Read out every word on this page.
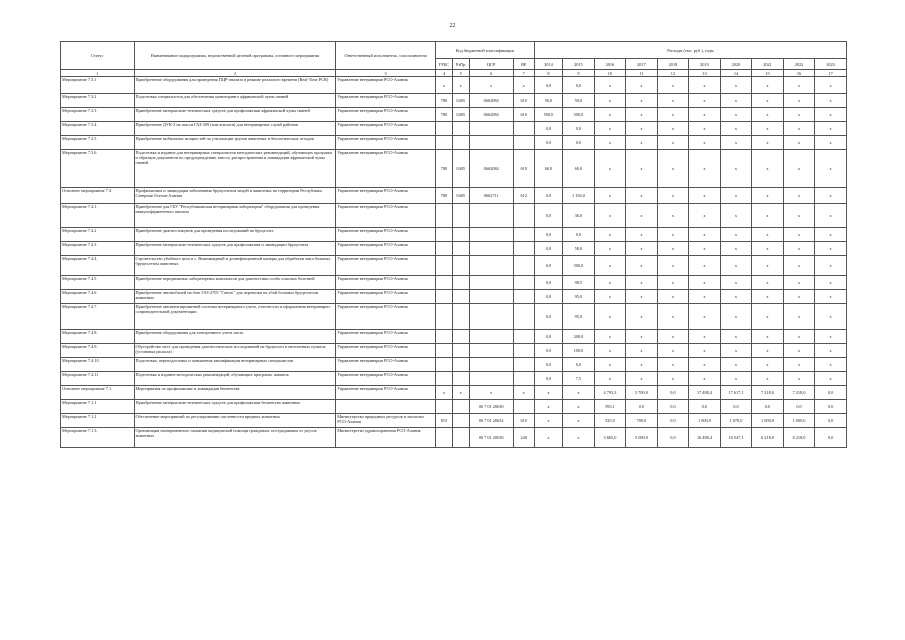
22
Статус	Наименование подпрограммы, ведомственной целевой программы, основного мероприятия	Ответственный исполнитель, соисполнители	Код бюджетной классификации				Расходы (тыс. руб.), годы									
			ГРБС	РзПр	ЦСР	ВР	2014	2015	2016	2017	2018	2019	2020	2021	2022	2023
1	2	3	4	5	6	7	8	9	10	11	12	13	14	15	16	17
Мероприятие 7.3.1	Приобретение оборудования для проведения ПЦР-анализа в режиме реального времени (Real-Time PCR)	Управление ветеринарии РСО-Алания	х	х	х	х	0,0	0,0	х	х	х	х	х	х	х	х
Мероприятие 7.3.2	Подготовка специалистов для обеспечения мониторинга африканской чумы свиней	Управление ветеринарии РСО-Алания	780	0405	0662084	610	50,0	50,0	х	х	х	х	х	х	х	х
Мероприятие 7.3.3	Приобретение материально-технических средств для профилактики африканской чумы свиней	Управление ветеринарии РСО-Алания	780	0405	0662084	610	500,0	500,0	х	х	х	х	х	х	х	х
Мероприятие 7.3.4.	Приобретение ДУК-2 на шасси ГАЗ-309 (или аналоги) для ветеринарных служб районов	Управление ветеринарии РСО-Алания					0,0	0,0	х	х	х	х	х	х	х	х
Мероприятие 7.3.5	Приобретение мобильных мощностей по утилизации трупов животных и биологических отходов	Управление ветеринарии РСО-Алания					0,0	0,0	х	х	х	х	х	х	х	х
Мероприятие 7.3.6	Подготовка и издание для ветеринарных специалистов методических рекомендаций, обучающих программ и образцов документов по предупреждению заноса, распространения и ликвидации африканской чумы свиней	Управление ветеринарии РСО-Алания	780	0405	0662084	610	60,0	60,0	х	х	х	х	х	х	х	х
Основное мероприятие 7.4	Профилактика и ликвидация заболевания бруцеллезом людей и животных на территории Республики Северная Осетия-Алания	Управление ветеринарии РСО-Алания	780	0405	0662711	612	0,0	1 194,0	х	х	х	х	х	х	х	х
Мероприятие 7.4.1.	Приобретение для ГБУ "Республиканская ветеринарная лаборатория" оборудования для проведения иммуноферментного анализа	Управление ветеринарии РСО-Алания					0,0	36,0	х	х	х	х	х	х	х	х
Мероприятие 7.4.2	Приобретение диагностикумов для проведения исследований на бруцеллез	Управление ветеринарии РСО-Алания					0,0	0,0	х	х	х	х	х	х	х	х
Мероприятие 7.4.3	Приобретение материально-технических средств для профилактики и ликвидации бруцеллеза	Управление ветеринарии РСО-Алания					0,0	58,0	х	х	х	х	х	х	х	х
Мероприятие 7.4.4.	Строительство убойного цеха в с. Вешнявидный и дезинфекционной камеры для обработки мяса больных бруцеллезом животных	Управление ветеринарии РСО-Алания					0,0	500,0	х	х	х	х	х	х	х	х
Мероприятие 7.4.5	Приобретение передвижных лабораторных комплексов для диагностики особо опасных болезней	Управление ветеринарии РСО-Алания					0,0	98,5	х	х	х	х	х	х	х	х
Мероприятие 7.4.6	Приобретение автомобилей на базе ГАЗ-2705 "Газель" для перевозки на убой больных бруцеллезом животных	Управление ветеринарии РСО-Алания					0,0	95,0	х	х	х	х	х	х	х	х
Мероприятие 7.4.7.	Приобретение автоматизированной системы ветеринарного учета, отчетности и оформления ветеринарно-сопроводительной документации	Управление ветеринарии РСО-Алания					0,0	95,0	х	х	х	х	х	х	х	х
Мероприятие 7.4.8.	Приобретение оборудования для электронного учета скота	Управление ветеринарии РСО-Алания					0,0	200,0	х	х	х	х	х	х	х	х
Мероприятие 7.4.9.	Обустройство мест для проведения диагностических исследований на бруцеллез в населенных пунктах (установка раскола)	Управление ветеринарии РСО-Алания					0,0	100,0	х	х	х	х	х	х	х	х
Мероприятие 7.4.10.	Подготовка, переподготовка и повышение квалификации ветеринарных специалистов	Управление ветеринарии РСО-Алания					0,0	6,0	х	х	х	х	х	х	х	х
Мероприятие 7.4.11	Подготовка и издание методических рекомендаций, обучающих программ, памяток	Управление ветеринарии РСО-Алания					0,0	7,5	х	х	х	х	х	х	х	х
Основное мероприятие 7.1.	Мероприятия по профилактике и ликвидации бешенства	Управление ветеринарии РСО-Алания	х	х	х	х	х	х	4 793,3	5 700,0	0,0	17 488,4	17 617,1	7 218,0	7 218,0	0,0
Мероприятие 7.1.1	Приобретение материально-технических средств для профилактики бешенства животных				06 7 01 20630		х	х	593,1	0,0	0,0	0,0	0,0	0,0	0,0	0,0
Мероприятие 7.1.2	Обеспечение мероприятий по регулированию численности вредных животных	Министерство природных ресурсов и экологии РСО-Алания	815		06 7 01 20632	610	х	х	525,0	700,0	0,0	1 000,0	1 070,0	1 000,0	1 000,0	0,0
Мероприятие 7.1.3.	Организация своевременного оказания медицинской помощи гражданам, пострадавшим от укусов животных	Министерство здравоохранения РСО-Алания			06 7 01 20630	240	х	х	3 665,0	5 000,0	0,0	16 488,4	16 547,1	6 218,0	6 218,0	0,0
